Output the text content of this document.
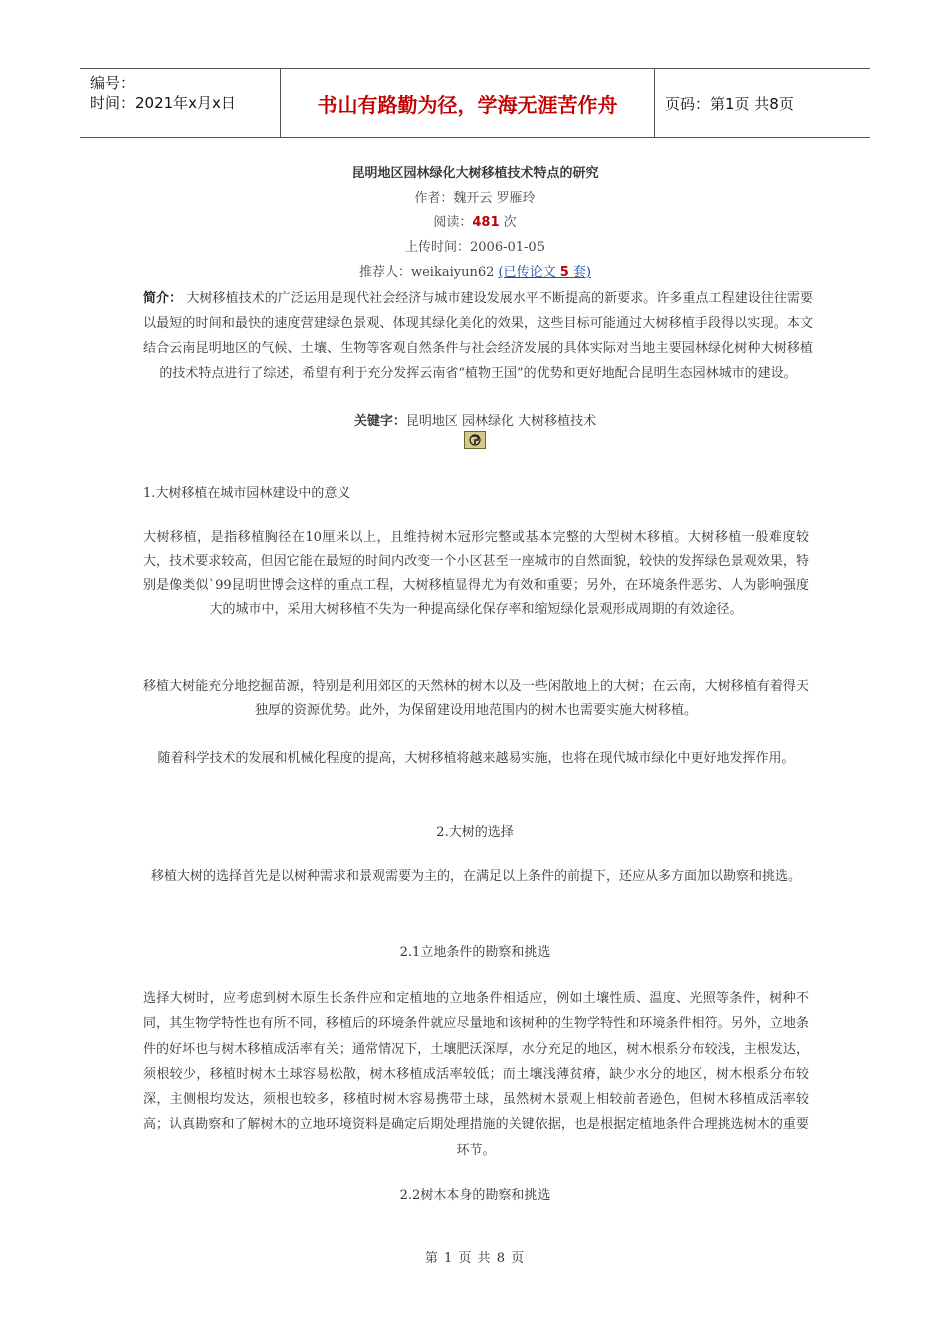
编号：
时间：2021年x月x日	书山有路勤为径，学海无涯苦作舟	页码：第1页 共8页
昆明地区园林绿化大树移植技术特点的研究
作者：魏开云 罗雁玲
阅读：481 次
上传时间：2006-01-05
推荐人：weikaiyun62 (已传论文 5 套)
简介： 大树移植技术的广泛运用是现代社会经济与城市建设发展水平不断提高的新要求。许多重点工程建设往往需要以最短的时间和最快的速度营建绿色景观、体现其绿化美化的效果，这些目标可能通过大树移植手段得以实现。本文结合云南昆明地区的气候、土壤、生物等客观自然条件与社会经济发展的具体实际对当地主要园林绿化树种大树移植的技术特点进行了综述，希望有利于充分发挥云南省“植物王国”的优势和更好地配合昆明生态园林城市的建设。
关键字：昆明地区 园林绿化 大树移植技术
1.大树移植在城市园林建设中的意义
大树移植，是指移植胸径在10厘米以上，且维持树木冠形完整或基本完整的大型树木移植。大树移植一般难度较大，技术要求较高，但因它能在最短的时间内改变一个小区甚至一座城市的自然面貌，较快的发挥绿色景观效果，特别是像类似`99昆明世博会这样的重点工程，大树移植显得尤为有效和重要；另外，在环境条件恶劣、人为影响强度大的城市中，采用大树移植不失为一种提高绿化保存率和缩短绿化景观形成周期的有效途径。
移植大树能充分地挖掘苗源，特别是利用郊区的天然林的树木以及一些闲散地上的大树；在云南，大树移植有着得天独厚的资源优势。此外，为保留建设用地范围内的树木也需要实施大树移植。
随着科学技术的发展和机械化程度的提高，大树移植将越来越易实施，也将在现代城市绿化中更好地发挥作用。
2.大树的选择
移植大树的选择首先是以树种需求和景观需要为主的，在满足以上条件的前提下，还应从多方面加以勘察和挑选。
2.1立地条件的勘察和挑选
选择大树时，应考虑到树木原生长条件应和定植地的立地条件相适应，例如土壤性质、温度、光照等条件，树种不同，其生物学特性也有所不同，移植后的环境条件就应尽量地和该树种的生物学特性和环境条件相符。另外，立地条件的好坏也与树木移植成活率有关；通常情况下，土壤肥沃深厚，水分充足的地区，树木根系分布较浅，主根发达，须根较少，移植时树木土球容易松散，树木移植成活率较低；而土壤浅薄贫瘠，缺少水分的地区，树木根系分布较深，主侧根均发达，须根也较多，移植时树木容易携带土球，虽然树木景观上相较前者逊色，但树木移植成活率较高；认真勘察和了解树木的立地环境资料是确定后期处理措施的关键依据，也是根据定植地条件合理挑选树木的重要环节。
2.2树木本身的勘察和挑选
第 1 页 共 8 页
